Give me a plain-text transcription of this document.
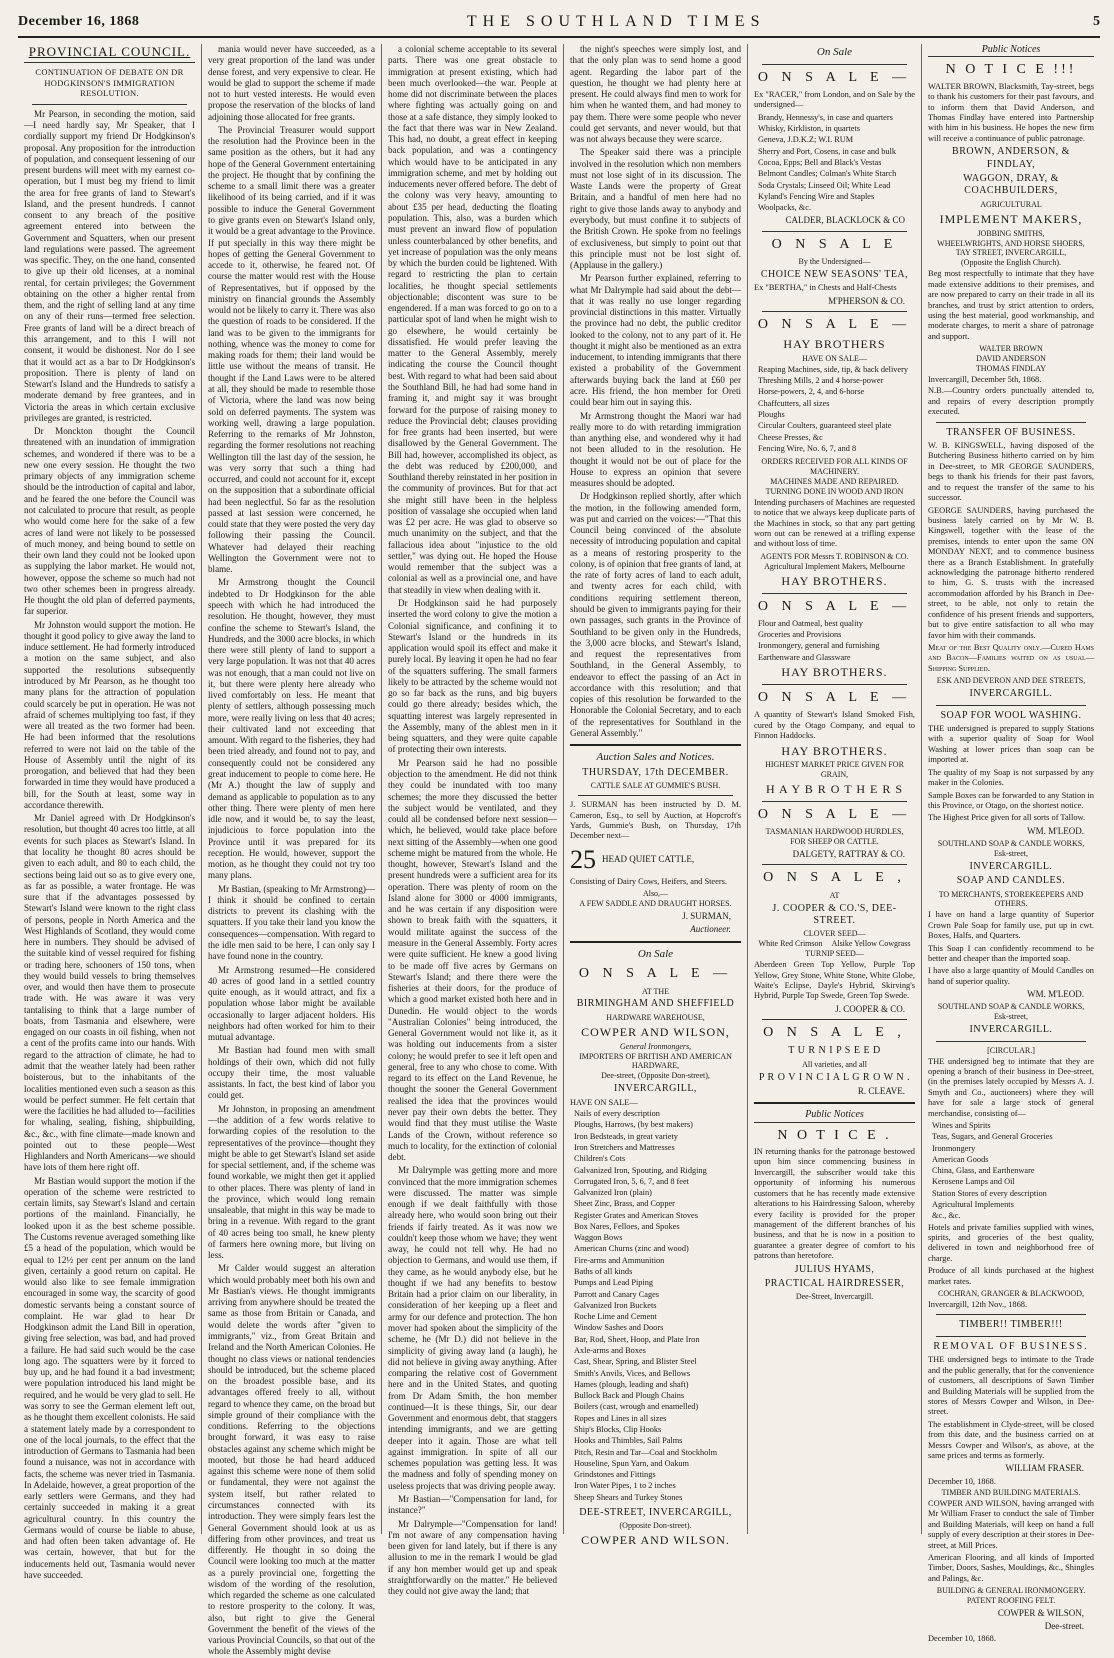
December 16, 1868	THE SOUTHLAND TIMES	5
PROVINCIAL COUNCIL.
CONTINUATION OF DEBATE ON DR HODGKINSON'S IMMIGRATION RESOLUTION.

Mr Pearson, in seconding the motion, said—I need hardly say, Mr Speaker, that I cordially support my friend Dr Hodgkinson's proposal. Any proposition for the introduction of population, and consequent lessening of our present burdens will meet with my earnest co-operation, but I must beg my friend to limit the area for free grants of land to Stewart's Island, and the present hundreds. I cannot consent to any breach of the positive agreement entered into between the Government and Squatters, when our present land regulations were passed. The agreement was specific. They, on the one hand, consented to give up their old licenses, at a nominal rental, for certain privileges; the Government obtaining on the other a higher rental from them, and the right of selling land at any time on any of their runs—termed free selection. Free grants of land will be a direct breach of this arrangement, and to this I will not consent, it would be dishonest. Nor do I see that it would act as a bar to Dr Hodgkinson's proposition. There is plenty of land on Stewart's Island and the Hundreds to satisfy a moderate demand by free grantees, and in Victoria the areas in which certain exclusive privileges are granted, is restricted.

Dr Monckton thought the Council threatened with an inundation of immigration schemes, and wondered if there was to be a new one every session. He thought the two primary objects of any immigration scheme should be the introduction of capital and labor, and he feared the one before the Council was not calculated to procure that result, as people who would come here for the sake of a few acres of land were not likely to be possessed of much money, and being bound to settle on their own land they could not be looked upon as supplying the labor market. He would not, however, oppose the scheme so much had not two other schemes been in progress already. He thought the old plan of deferred payments, far superior.

Mr Johnston would support the motion. He thought it good policy to give away the land to induce settlement. He had formerly introduced a motion on the same subject, and also supported the resolutions subsequently introduced by Mr Pearson, as he thought too many plans for the attraction of population could scarcely be put in operation. He was not afraid of schemes multiplying too fast, if they were all treated as the two former had been. He had been informed that the resolutions referred to were not laid on the table of the House of Assembly until the night of its prorogation, and believed that had they been forwarded in time they would have produced a bill, for the South at least, some way in accordance therewith.

Mr Daniel agreed with Dr Hodgkinson's resolution, but thought 40 acres too little, at all events for such places as Stewart's Island. In that locality he thought 80 acres should be given to each adult, and 80 to each child, the sections being laid out so as to give every one, as far as possible, a water frontage. He was sure that if the advantages possessed by Stewart's Island were known to the right class of persons, people in North America and the West Highlands of Scotland, they would come here in numbers. They should be advised of the suitable kind of vessel required for fishing or trading here, schooners of 150 tons, when they would build vessels to bring themselves over, and would then have them to prosecute trade with. He was aware it was very tantalising to think that a large number of boats, from Tasmania and elsewhere, were engaged on our coasts in oil fishing, when not a cent of the profits came into our hands. With regard to the attraction of climate, he had to admit that the weather lately had been rather boisterous, but to the inhabitants of the localities mentioned even such a season as this would be perfect summer. He felt certain that were the facilities he had alluded to—facilities for whaling, sealing, fishing, shipbuilding, &c., &c., with fine climate—made known and pointed out to these people—West Highlanders and North Americans—we should have lots of them here right off.

Mr Bastian would support the motion if the operation of the scheme were restricted to certain limits, say Stewart's Island and certain portions of the mainland. Financially, he looked upon it as the best scheme possible. The Customs revenue averaged something like £5 a head of the population, which would be equal to 12½ per cent per annum on the land given, certainly a good return on capital. He would also like to see female immigration encouraged in some way, the scarcity of good domestic servants being a constant source of complaint. He war glad to hear Dr Hodgkinson admit the Land Bill in operation, giving free selection, was bad, and had proved a failure. He had said such would be the case long ago. The squatters were by it forced to buy up, and he had found it a bad investment; were population introduced his land might be required, and he would be very glad to sell. He was sorry to see the German element left out, as he thought them excellent colonists. He said a statement lately made by a correspondent to one of the local journals, to the effect that the introduction of Germans to Tasmania had been found a nuisance, was not in accordance with facts, the scheme was never tried in Tasmania. In Adelaide, however, a great proportion of the early settlers were Germans, and they had certainly succeeded in making it a great agricultural country. In this country the Germans would of course be liable to abuse, and had often been taken advantage of. He was certain, however, that but for the inducements held out, Tasmania would never have succeeded.

mania would never have succeeded, as a very great proportion of the land was under dense forest, and very expensive to clear. He would be glad to support the scheme if made not to hurt vested interests. He would even propose the reservation of the blocks of land adjoining those allocated for free grants.

The Provincial Treasurer would support the resolution had the Province been in the same position as the others, but it had any hope of the General Government entertaining the project. He thought that by confining the scheme to a small limit there was a greater likelihood of its being carried, and if it was possible to induce the General Government to give grants even on Stewart's Island only, it would be a great advantage to the Province. If put specially in this way there might be hopes of getting the General Government to accede to it, otherwise, he feared not. Of course the matter would rest with the House of Representatives, but if opposed by the ministry on financial grounds the Assembly would not be likely to carry it. There was also the question of roads to be considered. If the land was to be given to the immigrants for nothing, whence was the money to come for making roads for them; their land would be little use without the means of transit. He thought if the Land Laws were to be altered at all, they should be made to resemble those of Victoria, where the land was now being sold on deferred payments. The system was working well, drawing a large population. Referring to the remarks of Mr Johnston, regarding the former resolutions not reaching Wellington till the last day of the session, he was very sorry that such a thing had occurred, and could not account for it, except on the supposition that a subordinate official had been neglectful. So far as the resolution passed at last session were concerned, he could state that they were posted the very day following their passing the Council. Whatever had delayed their reaching Wellington the Government were not to blame.

Mr Armstrong thought the Council indebted to Dr Hodgkinson for the able speech with which he had introduced the resolution. He thought, however, they must confine the scheme to Stewart's Island, the Hundreds, and the 3000 acre blocks, in which there were still plenty of land to support a very large population. It was not that 40 acres was not enough, that a man could not live on it, but there were plenty here already who lived comfortably on less. He meant that plenty of settlers, although possessing much more, were really living on less that 40 acres; their cultivated land not exceeding that amount. With regard to the fisheries, they had been tried already, and found not to pay, and consequently could not be considered any great inducement to people to come here. He (Mr A.) thought the law of supply and demand as applicable to population as to any other thing. There were plenty of men here idle now, and it would be, to say the least, injudicious to force population into the Province until it was prepared for its reception. He would, however, support the motion, as he thought they could not try too many plans.

Mr Bastian, (speaking to Mr Armstrong)—I think it should be confined to certain districts to prevent its clashing with the squatters. If you take their land you know the consequences—compensation. With regard to the idle men said to be here, I can only say I have found none in the country.

Mr Armstrong resumed—He considered 40 acres of good land in a settled country quite enough, as it would attract, and fix a population whose labor might be available occasionally to larger adjacent holders. His neighbors had often worked for him to their mutual advantage.

Mr Bastian had found men with small holdings of their own, which did not fully occupy their time, the most valuable assistants. In fact, the best kind of labor you could get.

Mr Johnston, in proposing an amendment—the addition of a few words relative to forwarding copies of the resolution to the representatives of the province—thought they might be able to get Stewart's Island set aside for special settlement, and, if the scheme was found workable, we might then get it applied to other places. There was plenty of land in the province, which would long remain unsaleable, that might in this way be made to bring in a revenue. With regard to the grant of 40 acres being too small, he knew plenty of farmers here owning more, but living on less.

Mr Calder would suggest an alteration which would probably meet both his own and Mr Bastian's views. He thought immigrants arriving from anywhere should be treated the same as those from Britain or Canada, and would delete the words after "given to immigrants," viz., from Great Britain and Ireland and the North American Colonies. He thought no class views or national tendencies should be introduced, but the scheme placed on the broadest possible base, and its advantages offered freely to all, without regard to whence they came, on the broad but simple ground of their compliance with the conditions. Referring to the objections brought forward, it was easy to raise obstacles against any scheme which might be mooted, but those he had heard adduced against this scheme were none of them solid or fundamental, they were not against the system itself, but rather related to circumstances connected with its introduction. They were simply fears lest the General Government should look at us as differing from other provinces, and treat us differently. He thought in so doing the Council were looking too much at the matter as a purely provincial one, forgetting the wisdom of the wording of the resolution, which regarded the scheme as one calculated to restore prosperity to the colony. It was, also, but right to give the General Government the benefit of the views of the various Provincial Councils, so that out of the whole the Assembly might devise

a colonial scheme acceptable to its several parts. There was one great obstacle to immigration at present existing, which had been much overlooked—the war. People at home did not discriminate between the places where fighting was actually going on and those at a safe distance, they simply looked to the fact that there was war in New Zealand. This had, no doubt, a great effect in keeping back population, and was a contingency which would have to be anticipated in any immigration scheme, and met by holding out inducements never offered before. The debt of the colony was very heavy, amounting to about £35 per head, deducting the floating population. This, also, was a burden which must prevent an inward flow of population unless counterbalanced by other benefits, and yet increase of population was the only means by which the burden could be lightened. With regard to restricting the plan to certain localities, he thought special settlements objectionable; discontent was sure to be engendered. If a man was forced to go on to a particular spot of land when he might wish to go elsewhere, he would certainly be dissatisfied. He would prefer leaving the matter to the General Assembly, merely indicating the course the Council thought best. With regard to what had been said about the Southland Bill, he had had some hand in framing it, and might say it was brought forward for the purpose of raising money to reduce the Provincial debt; clauses providing for free grants had been inserted, but were disallowed by the General Government. The Bill had, however, accomplished its object, as the debt was reduced by £200,000, and Southland thereby reinstated in her position in the community of provinces. But for that act she might still have been in the helpless position of vassalage she occupied when land was £2 per acre. He was glad to observe so much unanimity on the subject, and that the fallacious idea about "injustice to the old settler," was dying out. He hoped the House would remember that the subject was a colonial as well as a provincial one, and have that steadily in view when dealing with it.

Dr Hodgkinson said he had purposely inserted the word colony to give the motion a Colonial significance, and confining it to Stewart's Island or the hundreds in its application would spoil its effect and make it purely local. By leaving it open he had no fear of the squatters suffering. The small farmers likely to be attracted by the scheme would not go so far back as the runs, and big buyers could go there already; besides which, the squatting interest was largely represented in the Assembly, many of the ablest men in it being squatters, and they were quite capable of protecting their own interests.

Mr Pearson said he had no possible objection to the amendment. He did not think they could be inundated with too many schemes; the more they discussed the better the subject would be ventilated, and they could all be condensed before next session—which, he believed, would take place before next sitting of the Assembly—when one good scheme might be matured from the whole. He thought, however, Stewart's Island and the present hundreds were a sufficient area for its operation. There was plenty of room on the Island alone for 3000 or 4000 immigrants, and he was certain if any disposition were shown to break faith with the squatters, it would militate against the success of the measure in the General Assembly. Forty acres were quite sufficient. He knew a good living to be made off five acres by Germans on Stewart's Island; and there there were the fisheries at their doors, for the produce of which a good market existed both here and in Dunedin. He would object to the words "Australian Colonies" being introduced, the General Government would not like it, as it was holding out inducements from a sister colony; he would prefer to see it left open and general, free to any who chose to come. With regard to its effect on the Land Revenue, he thought the sooner the General Government realised the idea that the provinces would never pay their own debts the better. They would find that they must utilise the Waste Lands of the Crown, without reference so much to locality, for the extinction of colonial debt.

Mr Dalrymple was getting more and more convinced that the more immigration schemes were discussed. The matter was simple enough if we dealt faithfully with those already here, who would soon bring out their friends if fairly treated. As it was now we couldn't keep those whom we have; they went away, he could not tell why. He had no objection to Germans, and would use them, if they came, as he would anybody else, but he thought if we had any benefits to bestow Britain had a prior claim on our liberality, in consideration of her keeping up a fleet and army for our defence and protection. The hon mover had spoken about the simplicity of the scheme, he (Mr D.) did not believe in the simplicity of giving away land (a laugh), he did not believe in giving away anything. After comparing the relative cost of Government here and in the United States, and quoting from Dr Adam Smith, the hon member continued—It is these things, Sir, our dear Government and enormous debt, that staggers intending immigrants, and we are getting deeper into it again. Those are what tell against immigration. In spite of all our schemes population was getting less. It was the madness and folly of spending money on useless projects that was driving people away.

Mr Bastian—"Compensation for land, for instance?"

Mr Dalrymple—"Compensation for land! I'm not aware of any compensation having been given for land lately, but if there is any allusion to me in the remark I would be glad if any hon member would get up and speak straightforwardly on the matter." He believed they could not give away the land; that

the night's speeches were simply lost, and that the only plan was to send home a good agent. Regarding the labor part of the question, he thought we had plenty here at present. He could always find men to work for him when he wanted them, and had money to pay them. There were some people who never could get servants, and never would, but that was not always because they were scarce.

The Speaker said there was a principle involved in the resolution which non members must not lose sight of in its discussion. The Waste Lands were the property of Great Britain, and a handful of men here had no right to give those lands away to anybody and everybody, but must confine it to subjects of the British Crown. He spoke from no feelings of exclusiveness, but simply to point out that this principle must not be lost sight of. (Applause in the gallery.)

Mr Pearson further explained, referring to what Mr Dalrymple had said about the debt—that it was really no use longer regarding provincial distinctions in this matter. Virtually the province had no debt, the public creditor looked to the colony, not to any part of it. He thought it might also be mentioned as an extra inducement, to intending immigrants that there existed a probability of the Government afterwards buying back the land at £60 per acre. His friend, the hon member for Oreti could bear him out in saying this.

Mr Armstrong thought the Maori war had really more to do with retarding immigration than anything else, and wondered why it had not been alluded to in the resolution. He thought it would not be out of place for the House to express an opinion that severe measures should be adopted.

Dr Hodgkinson replied shortly, after which the motion, in the following amended form, was put and carried on the voices:—"That this Council being convinced of the absolute necessity of introducing population and capital as a means of restoring prosperity to the colony, is of opinion that free grants of land, at the rate of forty acres of land to each adult, and twenty acres for each child, with conditions requiring settlement thereon, should be given to immigrants paying for their own passages, such grants in the Province of Southland to be given only in the Hundreds, the 3,000 acre blocks, and Stewart's Island, and request the representatives from Southland, in the General Assembly, to endeavor to effect the passing of an Act in accordance with this resolution; and that copies of this resolution be forwarded to the Honorable the Colonial Secretary, and to each of the representatives for Southland in the General Assembly."

Auction Sales and Notices.
THURSDAY, 17th DECEMBER.
CATTLE SALE AT GUMMIE'S BUSH.

J. SURMAN has been instructed by D. M. Cameron, Esq., to sell by Auction, at Hopcroft's Yards, Gummie's Bush, on Thursday, 17th December next—

25 HEAD QUIET CATTLE,

Consisting of Dairy Cows, Heifers, and Steers.

Also,—
A FEW SADDLE AND DRAUGHT HORSES.
J. SURMAN,
Auctioneer.
On Sale
O N S A L E —
AT THE
BIRMINGHAM AND SHEFFIELD
HARDWARE WAREHOUSE,
COWPER AND WILSON,
General Ironmongers,
IMPORTERS OF BRITISH AND AMERICAN HARDWARE,
Dee-street, (Opposite Don-street),
INVERCARGILL,
HAVE ON SALE—
Nails of every description
Ploughs, Harrows, (by best makers)
Iron Bedsteads, in great variety
Iron Stretchers and Mattresses
Children's Cots
Galvanized Iron, Spouting, and Ridging
Corrugated Iron, 5, 6, 7, and 8 feet
Galvanized Iron (plain)
Sheet Zinc, Brass, and Copper
Register Grates and American Stoves
Box Nares, Felloes, and Spokes
Waggon Bows
American Churns (zinc and wood)
Fire-arms and Ammunition
Baths of all kinds
Pumps and Lead Piping
Parrott and Canary Cages
Galvanized Iron Buckets
Roche Lime and Cement
Window Sashes and Doors
Bar, Rod, Sheet, Hoop, and Plate Iron
Axle-arms and Boxes
Cast, Shear, Spring, and Blister Steel
Smith's Anvils, Vices, and Bellows
Hames (plough, leading and shaft)
Bullock Back and Plough Chains
Boilers (cast, wrough and enamelled)
Ropes and Lines in all sizes
Ship's Blocks, Clip Hooks
Hooks and Thimbles, Sail Palms
Pitch, Resin and Tar—Coal and Stockholm
Houseline, Spun Yarn, and Oakum
Grindstones and Fittings
Iron Water Pipes, 1 to 2 inches
Sheep Shears and Turkey Stones
DEE-STREET, INVERCARGILL,
(Opposite Don-street).
COWPER AND WILSON.
On Sale
O N S A L E —

Ex "RACER," from London, and on Sale by the undersigned—

Brandy, Hennessy's, in case and quarters
Whisky, Kirkliston, in quartets
Geneva, J.D.K.Z; W.I. RUM
Sherry and Port, Cosens, in case and bulk
Cocoa, Epps; Bell and Black's Vestas
Belmont Candles; Colman's White Starch
Soda Crystals; Linseed Oil; White Lead
Kyland's Fencing Wire and Staples
Woolpacks, &c.
CALDER, BLACKLOCK & CO
O N S A L E
By the Undersigned—
CHOICE NEW SEASONS' TEA,

Ex "BERTHA," in Chests and Half-Chests

M'PHERSON & CO.
O N S A L E —
HAY BROTHERS
HAVE ON SALE—
Reaping Machines, side, tip, & back delivery
Threshing Mills, 2 and 4 horse-power
Horse-powers, 2, 4, and 6-horse
Chaffcutters, all sizes
Ploughs
Circular Coulters, guaranteed steel plate
Cheese Presses, &c
Fencing Wire, No. 6, 7, and 8
ORDERS RECEIVED FOR ALL KINDS OF MACHINERY.
MACHINES MADE AND REPAIRED.
TURNING DONE IN WOOD AND IRON

Intending purchasers of Machines are requested to notice that we always keep duplicate parts of the Machines in stock, so that any part getting worn out can be renewed at a trifling expense and without loss of time.

AGENTS FOR Messrs T. ROBINSON & CO.
Agricultural Implement Makers, Melbourne
HAY BROTHERS.
O N S A L E —
Flour and Oatmeal, best quality
Groceries and Provisions
Ironmongery, general and furnishing
Earthenware and Glassware
HAY BROTHERS.
O N S A L E —

A quantity of Stewart's Island Smoked Fish, cured by the Otago Company, and equal to Finnon Haddocks.

HAY BROTHERS.
HIGHEST MARKET PRICE GIVEN FOR GRAIN,
H A Y B R O T H E R S
O N S A L E —
TASMANIAN HARDWOOD HURDLES,
FOR SHEEP OR CATTLE.
DALGETY, RATTRAY & CO.
O N S A L E ,
AT
J. COOPER & CO.'S, DEE-STREET.
CLOVER SEED—
White Red Crimson Alsike Yellow Cowgrass
TURNIP SEED—

Aberdeen Green Top Yellow, Purple Top Yellow, Grey Stone, White Stone, White Globe, Waite's Eclipse, Dayle's Hybrid, Skirving's Hybrid, Purple Top Swede, Green Top Swede.

J. COOPER & CO.
O N S A L E ,
T U R N I P S E E D
All varieties, and all
P R O V I N C I A L G R O W N .
R. CLEAVE.
Public Notices
N O T I C E .

IN returning thanks for the patronage bestowed upon him since commencing business in Invercargill, the subscriber would take this opportunity of informing his numerous customers that he has recently made extensive alterations to his Hairdressing Saloon, whereby every facility is provided for the proper management of the different branches of his business, and that he is now in a position to guarantee a greater degree of comfort to his patrons than heretofore.

JULIUS HYAMS,
PRACTICAL HAIRDRESSER,
Dee-Street, Invercargill.
Public Notices
N O T I C E !!!

WALTER BROWN, Blacksmith, Tay-street, begs to thank his customers for their past favours, and to inform them that David Anderson, and Thomas Findlay have entered into Partnership with him in his business. He hopes the new firm will receive a continuance of public patronage.

BROWN, ANDERSON, & FINDLAY,
WAGGON, DRAY, & COACHBUILDERS,
AGRICULTURAL
IMPLEMENT MAKERS,
JOBBING SMITHS,
WHEELWRIGHTS, AND HORSE SHOERS,
TAY STREET, INVERCARGILL,
(Opposite the English Church).

Beg most respectfully to intimate that they have made extensive additions to their premises, and are now prepared to carry on their trade in all its branches, and trust by strict attention to orders, using the best material, good workmanship, and moderate charges, to merit a share of patronage and support.

WALTER BROWN
DAVID ANDERSON
THOMAS FINDLAY
Invercargill, December 5th, 1868.

N.B.—Country orders punctually attended to, and repairs of every description promptly executed.

TRANSFER OF BUSINESS.

W. B. KINGSWELL, having disposed of the Butchering Business hitherto carried on by him in Dee-street, to MR GEORGE SAUNDERS, begs to thank his friends for their past favors, and to request the transfer of the same to his successor.

GEORGE SAUNDERS, having purchased the business lately carried on by Mr W. B. Kingswell, together with the lease of the premises, intends to enter upon the same ON MONDAY NEXT, and to commence business there as a Branch Establishment. In gratefully acknowledging the patronage hitherto rendered to him, G. S. trusts with the increased accommodation afforded by his Branch in Dee-street, to be able, not only to retain the confidence of his present friends and supporters, but to give entire satisfaction to all who may favor him with their commands.

Meat of the Best Quality only.—Cured Hams and Bacon—Families waited on as usual—Shipping Supplied.

ESK AND DEVERON AND DEE STREETS,
INVERCARGILL.
SOAP FOR WOOL WASHING.

THE undersigned is prepared to supply Stations with a superior quality of Soap for Wool Washing at lower prices than soap can be imported at.

The quality of my Soap is not surpassed by any maker in the Colonies.

Sample Boxes can be forwarded to any Station in this Province, or Otago, on the shortest notice.

The Highest Price given for all sorts of Tallow.

WM. M'LEOD.
SOUTHLAND SOAP & CANDLE WORKS,
Esk-street,
INVERCARGILL.
SOAP AND CANDLES.
TO MERCHANTS, STOREKEEPERS AND OTHERS.

I have on hand a large quantity of Superior Crown Pale Soap for family use, put up in cwt. Boxes, Halfs, and Quarters.

This Soap I can confidently recommend to be better and cheaper than the imported soap.

I have also a large quantity of Mould Candles on hand of superior quality.

WM. M'LEOD.
SOUTHLAND SOAP & CANDLE WORKS,
Esk-street,
INVERCARGILL.
[CIRCULAR.]

THE undersigned beg to intimate that they are opening a branch of their business in Dee-street, (in the premises lately occupied by Messrs A. J. Smyth and Co., auctioneers) where they will have for sale a large stock of general merchandise, consisting of—

Wines and Spirits
Teas, Sugars, and General Groceries
Ironmongery
American Goods
China, Glass, and Earthenware
Kerosene Lamps and Oil
Station Stores of every description
Agricultural Implements
&c., &c.

Hotels and private families supplied with wines, spirits, and groceries of the best quality, delivered in town and neighborhood free of charge.

Produce of all kinds purchased at the highest market rates.

COCHRAN, GRANGER & BLACKWOOD,
Invercargill, 12th Nov., 1868.
TIMBER!! TIMBER!!!
REMOVAL OF BUSINESS.

THE undersigned begs to intimate to the Trade and the public generally, that for the convenience of customers, all descriptions of Sawn Timber and Building Materials will be supplied from the stores of Messrs Cowper and Wilson, in Dee-street.

The establishment in Clyde-street, will be closed from this date, and the business carried on at Messrs Cowper and Wilson's, as above, at the same prices and terms as formerly.

WILLIAM FRASER.
December 10, 1868.
TIMBER AND BUILDING MATERIALS.

COWPER AND WILSON, having arranged with Mr William Fraser to conduct the sale of Timber and Building Materials, will keep on hand a full supply of every description at their stores in Dee-street, at Mill Prices.

American Flooring, and all kinds of Imported Timber, Doors, Sashes, Mouldings, &c., Shingles and Palings, &c.

BUILDING & GENERAL IRONMONGERY.
PATENT ROOFING FELT.
COWPER & WILSON,
Dee-street.
December 10, 1868.
